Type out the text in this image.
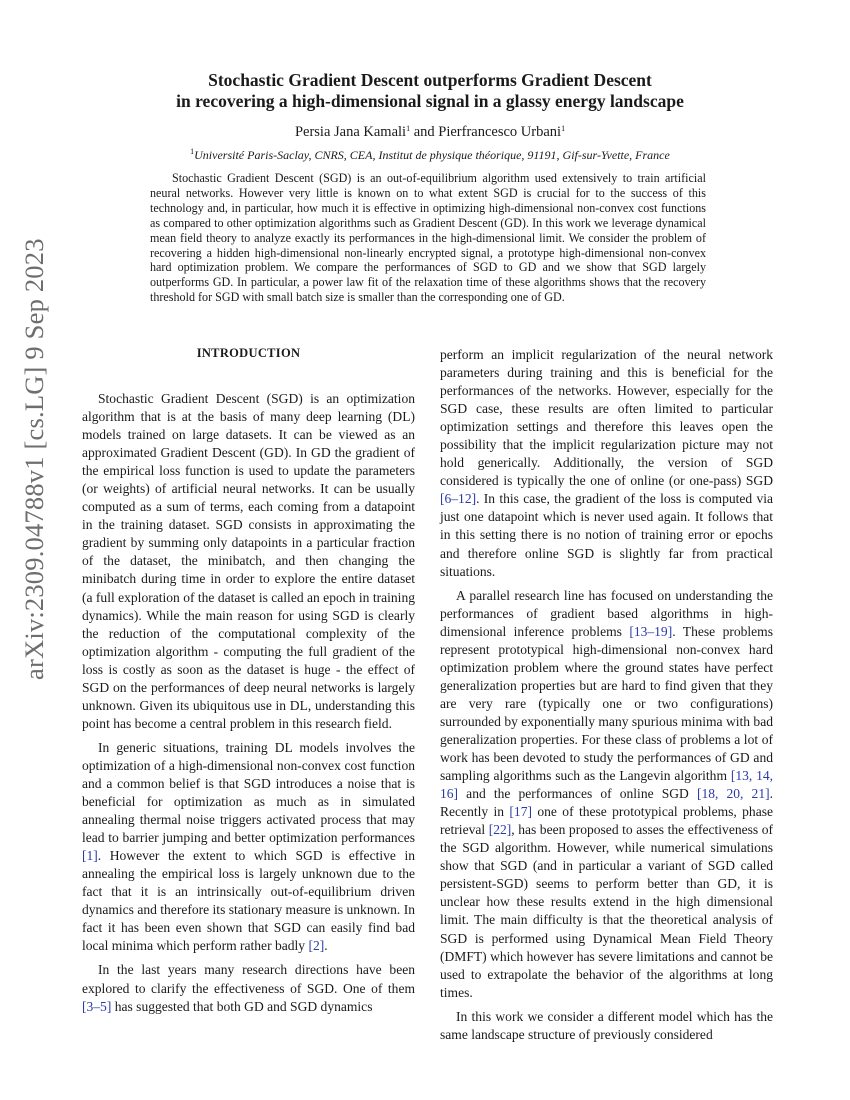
arXiv:2309.04788v1 [cs.LG] 9 Sep 2023
Stochastic Gradient Descent outperforms Gradient Descent
in recovering a high-dimensional signal in a glassy energy landscape
Persia Jana Kamali$^1$ and Pierfrancesco Urbani$^1$
$^1$Université Paris-Saclay, CNRS, CEA, Institut de physique théorique, 91191, Gif-sur-Yvette, France

Stochastic Gradient Descent (SGD) is an out-of-equilibrium algorithm used extensively to train artificial neural networks. However very little is known on to what extent SGD is crucial for to the success of this technology and, in particular, how much it is effective in optimizing high-dimensional non-convex cost functions as compared to other optimization algorithms such as Gradient Descent (GD). In this work we leverage dynamical mean field theory to analyze exactly its performances in the high-dimensional limit. We consider the problem of recovering a hidden high-dimensional non-linearly encrypted signal, a prototype high-dimensional non-convex hard optimization problem. We compare the performances of SGD to GD and we show that SGD largely outperforms GD. In particular, a power law fit of the relaxation time of these algorithms shows that the recovery threshold for SGD with small batch size is smaller than the corresponding one of GD.

INTRODUCTION

Stochastic Gradient Descent (SGD) is an optimization algorithm that is at the basis of many deep learning (DL) models trained on large datasets. It can be viewed as an approximated Gradient Descent (GD). In GD the gradient of the empirical loss function is used to update the parameters (or weights) of artificial neural networks. It can be usually computed as a sum of terms, each coming from a datapoint in the training dataset. SGD consists in approximating the gradient by summing only datapoints in a particular fraction of the dataset, the minibatch, and then changing the minibatch during time in order to explore the entire dataset (a full exploration of the dataset is called an epoch in training dynamics). While the main reason for using SGD is clearly the reduction of the computational complexity of the optimization algorithm - computing the full gradient of the loss is costly as soon as the dataset is huge - the effect of SGD on the performances of deep neural networks is largely unknown. Given its ubiquitous use in DL, understanding this point has become a central problem in this research field.

In generic situations, training DL models involves the optimization of a high-dimensional non-convex cost function and a common belief is that SGD introduces a noise that is beneficial for optimization as much as in simulated annealing thermal noise triggers activated process that may lead to barrier jumping and better optimization performances [1]. However the extent to which SGD is effective in annealing the empirical loss is largely unknown due to the fact that it is an intrinsically out-of-equilibrium driven dynamics and therefore its stationary measure is unknown. In fact it has been even shown that SGD can easily find bad local minima which perform rather badly [2].

In the last years many research directions have been explored to clarify the effectiveness of SGD. One of them [3–5] has suggested that both GD and SGD dynamics

perform an implicit regularization of the neural network parameters during training and this is beneficial for the performances of the networks. However, especially for the SGD case, these results are often limited to particular optimization settings and therefore this leaves open the possibility that the implicit regularization picture may not hold generically. Additionally, the version of SGD considered is typically the one of online (or one-pass) SGD [6–12]. In this case, the gradient of the loss is computed via just one datapoint which is never used again. It follows that in this setting there is no notion of training error or epochs and therefore online SGD is slightly far from practical situations.

A parallel research line has focused on understanding the performances of gradient based algorithms in high-dimensional inference problems [13–19]. These problems represent prototypical high-dimensional non-convex hard optimization problem where the ground states have perfect generalization properties but are hard to find given that they are very rare (typically one or two configurations) surrounded by exponentially many spurious minima with bad generalization properties. For these class of problems a lot of work has been devoted to study the performances of GD and sampling algorithms such as the Langevin algorithm [13, 14, 16] and the performances of online SGD [18, 20, 21]. Recently in [17] one of these prototypical problems, phase retrieval [22], has been proposed to asses the effectiveness of the SGD algorithm. However, while numerical simulations show that SGD (and in particular a variant of SGD called persistent-SGD) seems to perform better than GD, it is unclear how these results extend in the high dimensional limit. The main difficulty is that the theoretical analysis of SGD is performed using Dynamical Mean Field Theory (DMFT) which however has severe limitations and cannot be used to extrapolate the behavior of the algorithms at long times.

In this work we consider a different model which has the same landscape structure of previously considered
